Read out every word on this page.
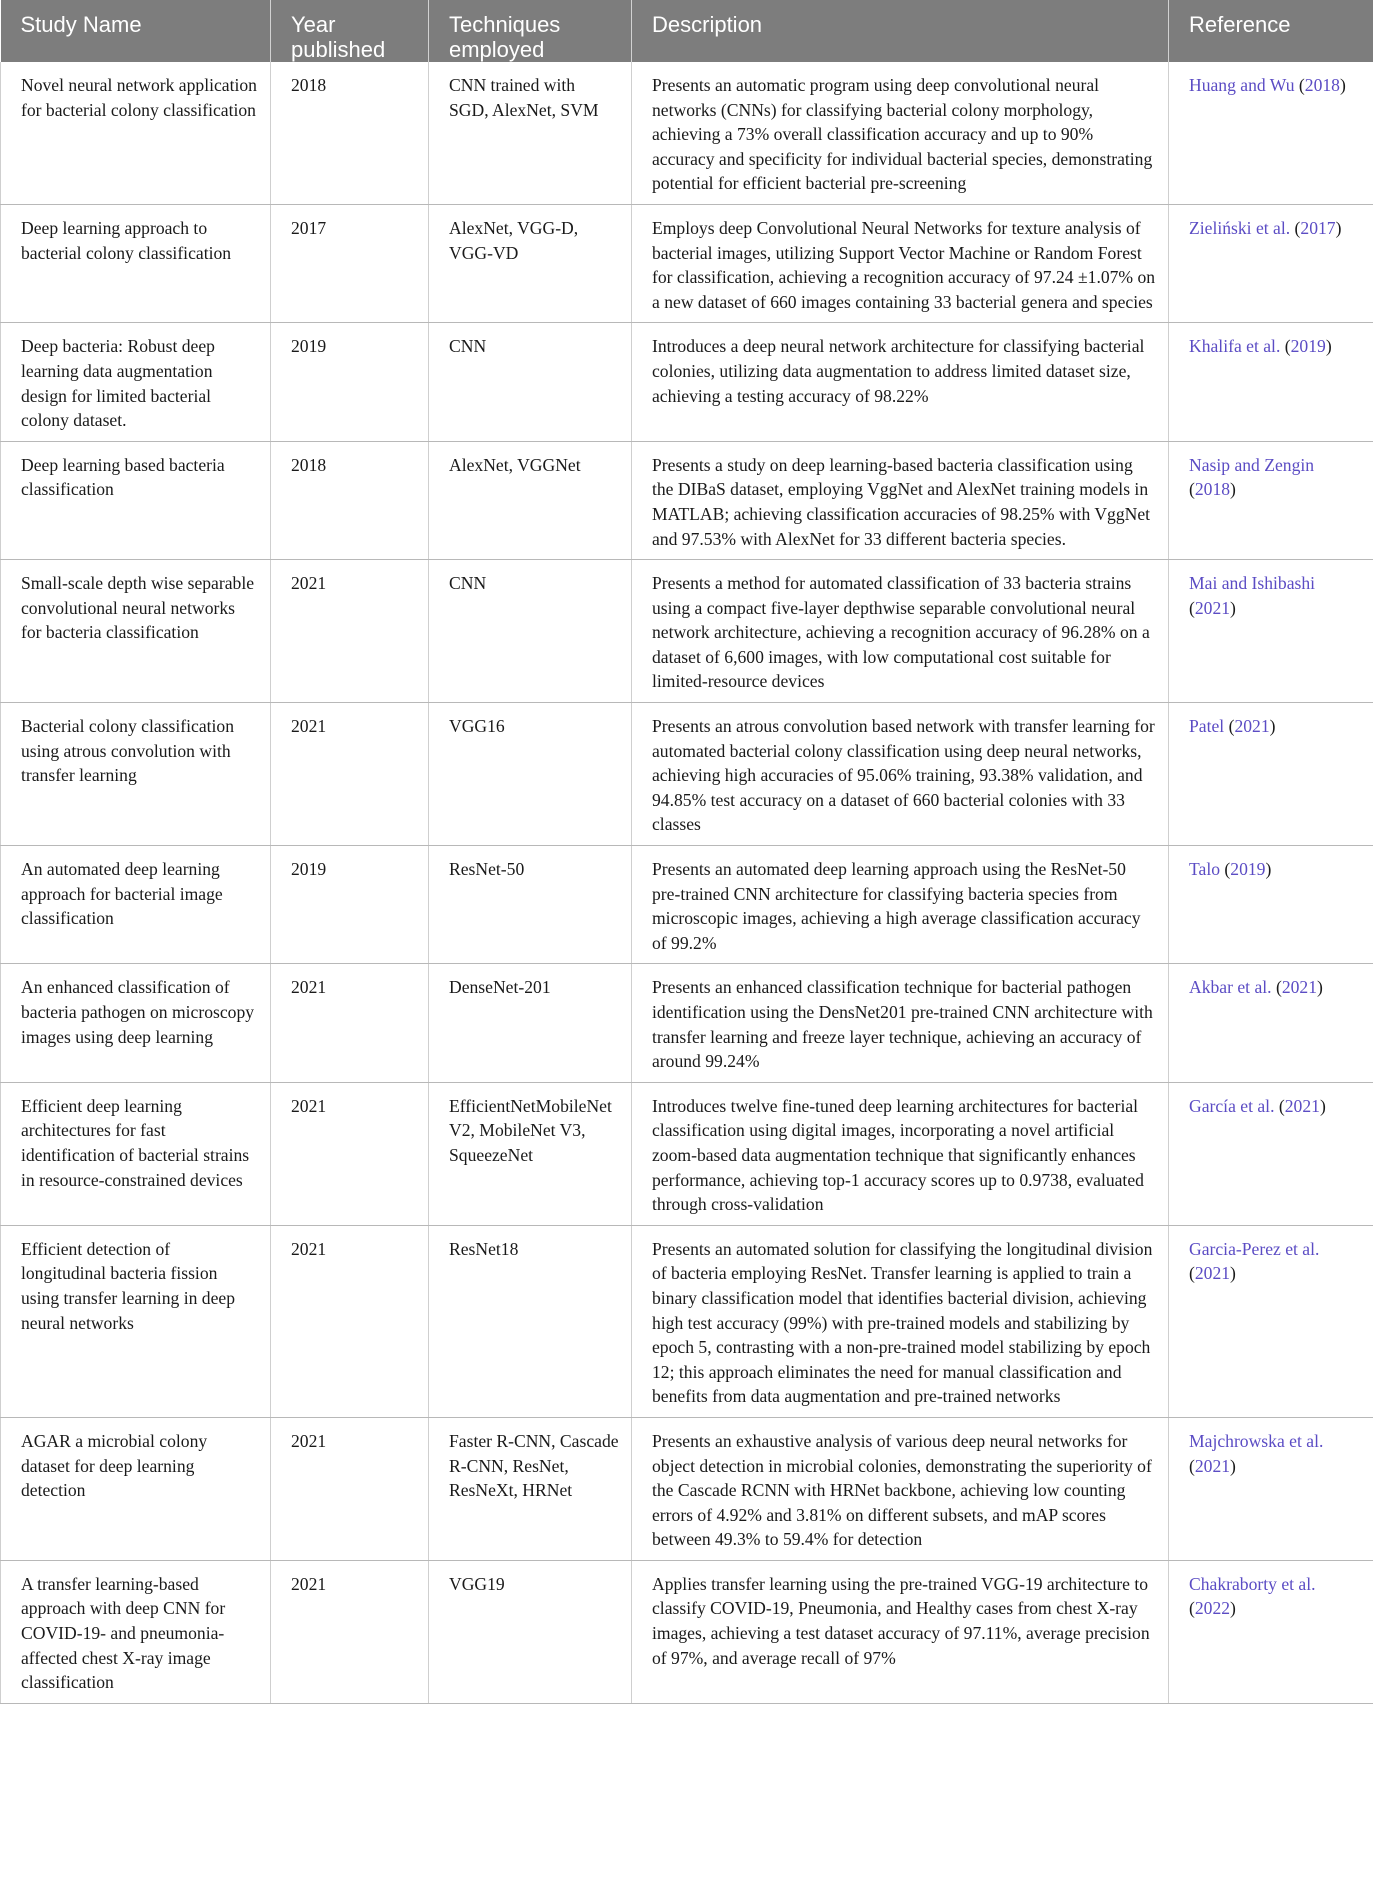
Study Name	Year published	Techniques employed	Description	Reference
Novel neural network application for bacterial colony classification	2018	CNN trained with SGD, AlexNet, SVM	Presents an automatic program using deep convolutional neural networks (CNNs) for classifying bacterial colony morphology, achieving a 73% overall classification accuracy and up to 90% accuracy and specificity for individual bacterial species, demonstrating potential for efficient bacterial pre-screening	Huang and Wu (2018)
Deep learning approach to bacterial colony classification	2017	AlexNet, VGG-D, VGG-VD	Employs deep Convolutional Neural Networks for texture analysis of bacterial images, utilizing Support Vector Machine or Random Forest for classification, achieving a recognition accuracy of 97.24 ±1.07% on a new dataset of 660 images containing 33 bacterial genera and species	Zieliński et al. (2017)
Deep bacteria: Robust deep learning data augmentation design for limited bacterial colony dataset.	2019	CNN	Introduces a deep neural network architecture for classifying bacterial colonies, utilizing data augmentation to address limited dataset size, achieving a testing accuracy of 98.22%	Khalifa et al. (2019)
Deep learning based bacteria classification	2018	AlexNet, VGGNet	Presents a study on deep learning-based bacteria classification using the DIBaS dataset, employing VggNet and AlexNet training models in MATLAB; achieving classification accuracies of 98.25% with VggNet and 97.53% with AlexNet for 33 different bacteria species.	Nasip and Zengin (2018)
Small-scale depth wise separable convolutional neural networks for bacteria classification	2021	CNN	Presents a method for automated classification of 33 bacteria strains using a compact five-layer depthwise separable convolutional neural network architecture, achieving a recognition accuracy of 96.28% on a dataset of 6,600 images, with low computational cost suitable for limited-resource devices	Mai and Ishibashi (2021)
Bacterial colony classification using atrous convolution with transfer learning	2021	VGG16	Presents an atrous convolution based network with transfer learning for automated bacterial colony classification using deep neural networks, achieving high accuracies of 95.06% training, 93.38% validation, and 94.85% test accuracy on a dataset of 660 bacterial colonies with 33 classes	Patel (2021)
An automated deep learning approach for bacterial image classification	2019	ResNet-50	Presents an automated deep learning approach using the ResNet-50 pre-trained CNN architecture for classifying bacteria species from microscopic images, achieving a high average classification accuracy of 99.2%	Talo (2019)
An enhanced classification of bacteria pathogen on microscopy images using deep learning	2021	DenseNet-201	Presents an enhanced classification technique for bacterial pathogen identification using the DensNet201 pre-trained CNN architecture with transfer learning and freeze layer technique, achieving an accuracy of around 99.24%	Akbar et al. (2021)
Efficient deep learning architectures for fast identification of bacterial strains in resource-constrained devices	2021	EfficientNetMobileNet V2, MobileNet V3, SqueezeNet	Introduces twelve fine-tuned deep learning architectures for bacterial classification using digital images, incorporating a novel artificial zoom-based data augmentation technique that significantly enhances performance, achieving top-1 accuracy scores up to 0.9738, evaluated through cross-validation	García et al. (2021)
Efficient detection of longitudinal bacteria fission using transfer learning in deep neural networks	2021	ResNet18	Presents an automated solution for classifying the longitudinal division of bacteria employing ResNet. Transfer learning is applied to train a binary classification model that identifies bacterial division, achieving high test accuracy (99%) with pre-trained models and stabilizing by epoch 5, contrasting with a non-pre-trained model stabilizing by epoch 12; this approach eliminates the need for manual classification and benefits from data augmentation and pre-trained networks	Garcia-Perez et al. (2021)
AGAR a microbial colony dataset for deep learning detection	2021	Faster R-CNN, Cascade R-CNN, ResNet, ResNeXt, HRNet	Presents an exhaustive analysis of various deep neural networks for object detection in microbial colonies, demonstrating the superiority of the Cascade RCNN with HRNet backbone, achieving low counting errors of 4.92% and 3.81% on different subsets, and mAP scores between 49.3% to 59.4% for detection	Majchrowska et al. (2021)
A transfer learning-based approach with deep CNN for COVID-19- and pneumonia-affected chest X-ray image classification	2021	VGG19	Applies transfer learning using the pre-trained VGG-19 architecture to classify COVID-19, Pneumonia, and Healthy cases from chest X-ray images, achieving a test dataset accuracy of 97.11%, average precision of 97%, and average recall of 97%	Chakraborty et al. (2022)
